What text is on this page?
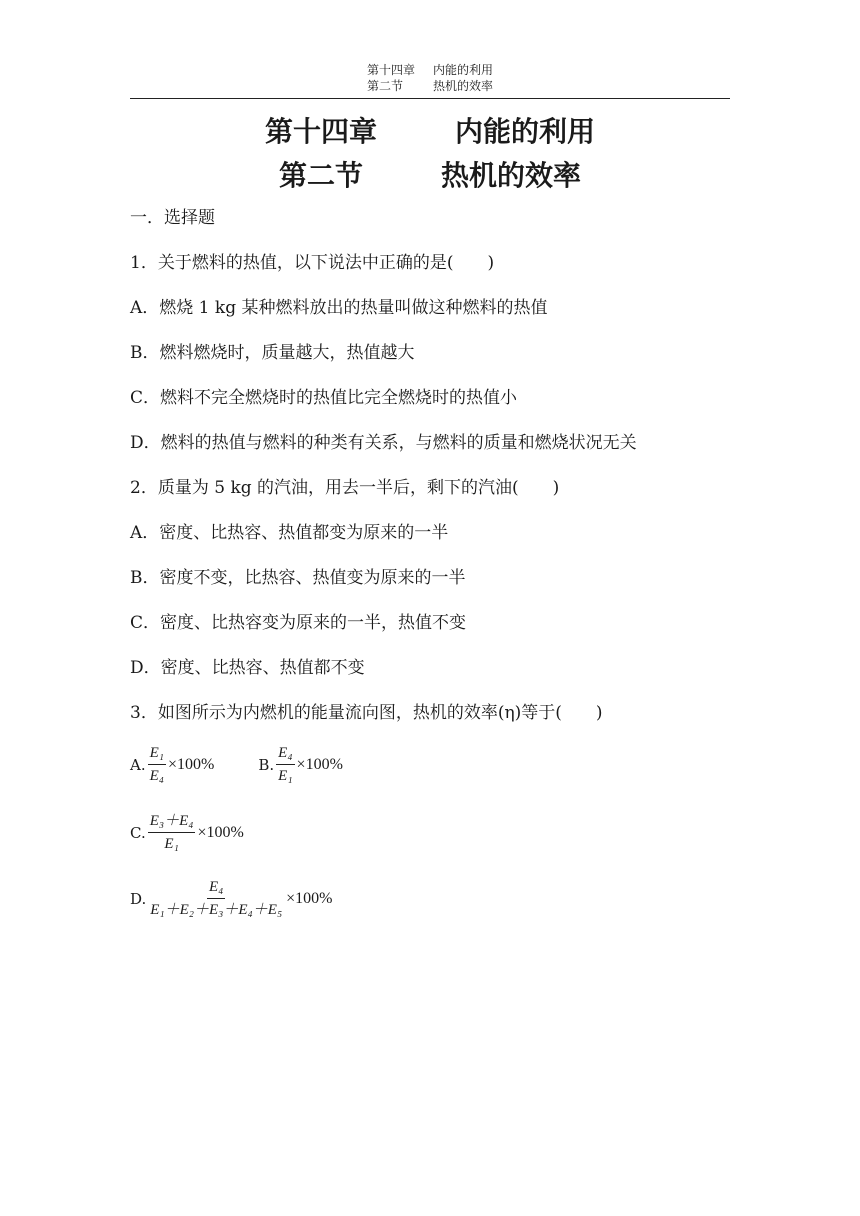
第十四章	内能的利用
第二节	热机的效率
第十四章	内能的利用
第二节	热机的效率
一．选择题
1．关于燃料的热值，以下说法中正确的是(　　)
A．燃烧 1 kg 某种燃料放出的热量叫做这种燃料的热值
B．燃料燃烧时，质量越大，热值越大
C．燃料不完全燃烧时的热值比完全燃烧时的热值小
D．燃料的热值与燃料的种类有关系，与燃料的质量和燃烧状况无关
2．质量为 5 kg 的汽油，用去一半后，剩下的汽油(　　)
A．密度、比热容、热值都变为原来的一半
B．密度不变，比热容、热值变为原来的一半
C．密度、比热容变为原来的一半，热值不变
D．密度、比热容、热值都不变
3．如图所示为内燃机的能量流向图，热机的效率(η)等于(　　)
A. $\frac{\text{E₁}}{\text{E₄}} \times 100\%$	B. $\frac{\text{E₄}}{\text{E₁}} \times 100\%$
C. $\frac{\text{E₃＋E₄}}{\text{E₁}} \times 100\%$
D. $\frac{\text{E₄}}{\text{E₁＋E₂＋E₃＋E₄＋E₅}} \times 100\%$
